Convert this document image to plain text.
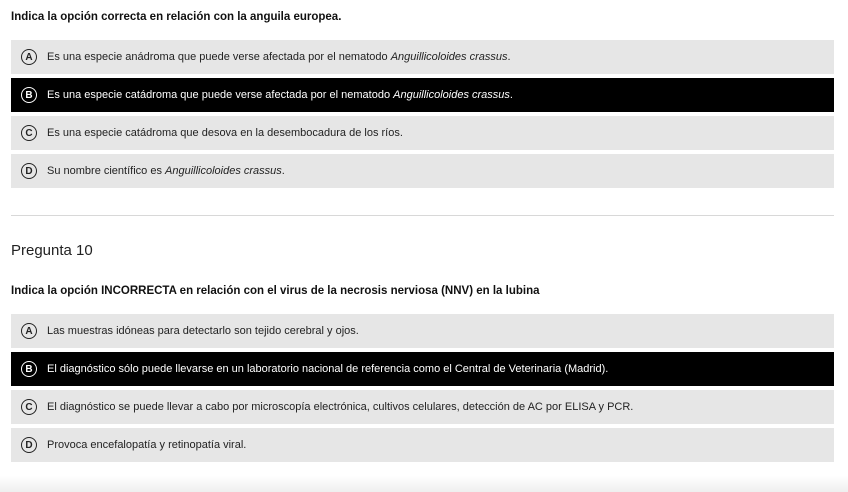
Indica la opción correcta en relación con la anguila europea.
A	Es una especie anádroma que puede verse afectada por el nematodo Anguillicoloides crassus.
B	Es una especie catádroma que puede verse afectada por el nematodo Anguillicoloides crassus.
C	Es una especie catádroma que desova en la desembocadura de los ríos.
D	Su nombre científico es Anguillicoloides crassus.
Pregunta 10
Indica la opción INCORRECTA en relación con el virus de la necrosis nerviosa (NNV) en la lubina
A	Las muestras idóneas para detectarlo son tejido cerebral y ojos.
B	El diagnóstico sólo puede llevarse en un laboratorio nacional de referencia como el Central de Veterinaria (Madrid).
C	El diagnóstico se puede llevar a cabo por microscopía electrónica, cultivos celulares, detección de AC por ELISA y PCR.
D	Provoca encefalopatía y retinopatía viral.
